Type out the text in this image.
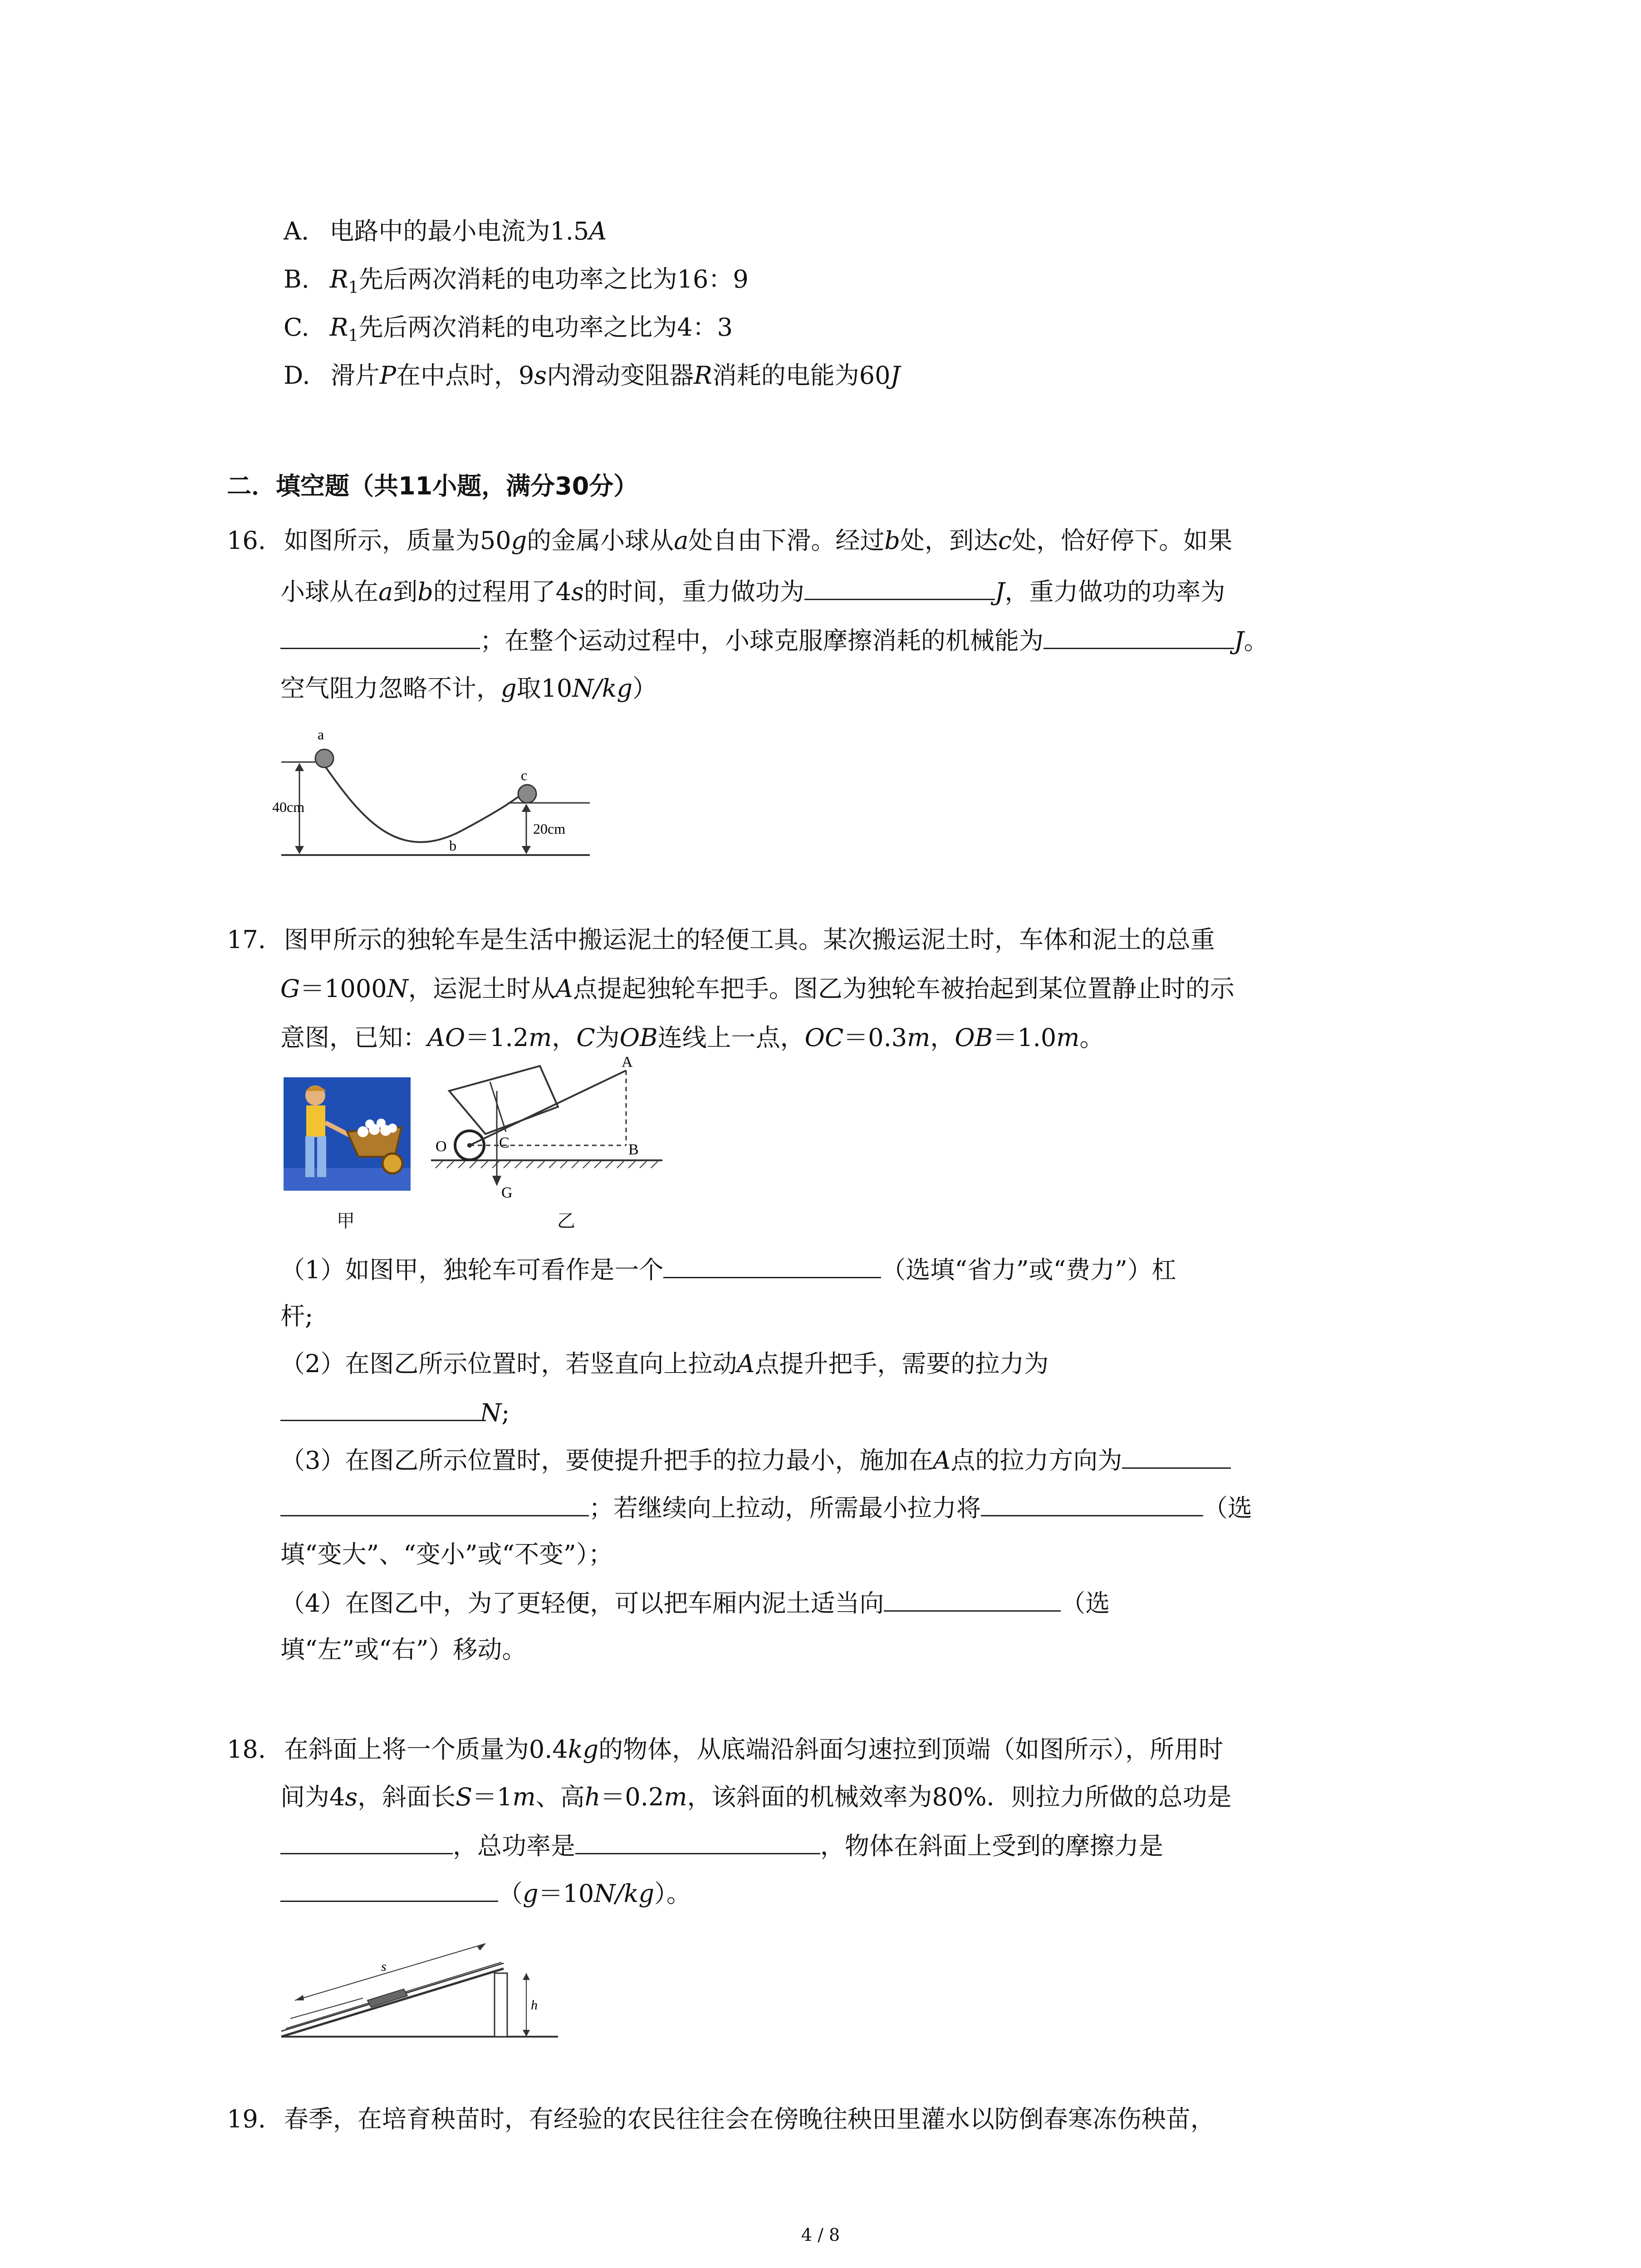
A. 电路中的最小电流为1.5A
B. $R_1$先后两次消耗的电功率之比为16：9
C. $R_1$先后两次消耗的电功率之比为4：3
D. 滑片P在中点时，9s内滑动变阻器R消耗的电能为60J
二．填空题（共11小题，满分30分）
16. 如图所示，质量为50g的金属小球从a处自由下滑。经过b处，到达c处，恰好停下。如果
小球从在a到b的过程用了4s的时间，重力做功为	J，重力做功的功率为
；在整个运动过程中，小球克服摩擦消耗的机械能为	J。
空气阻力忽略不计，g取10N/kg）
a
b
c
40cm
20cm
17. 图甲所示的独轮车是生活中搬运泥土的轻便工具。某次搬运泥土时，车体和泥土的总重
G＝1000N，运泥土时从A点提起独轮车把手。图乙为独轮车被抬起到某位置静止时的示
意图，已知：AO＝1.2m，C为OB连线上一点，OC＝0.3m，OB＝1.0m。
A
B
O	C
G
甲	乙
（1）如图甲，独轮车可看作是一个	（选填“省力”或“费力”）杠
杆;
（2）在图乙所示位置时，若竖直向上拉动A点提升把手，需要的拉力为
N;
（3）在图乙所示位置时，要使提升把手的拉力最小，施加在A点的拉力方向为
；若继续向上拉动，所需最小拉力将	（选
填“变大”、“变小”或“不变”）；
（4）在图乙中，为了更轻便，可以把车厢内泥土适当向	（选
填“左”或“右”）移动。
18. 在斜面上将一个质量为0.4kg的物体，从底端沿斜面匀速拉到顶端（如图所示），所用时
间为4s，斜面长S＝1m、高h＝0.2m，该斜面的机械效率为80%．则拉力所做的总功是
，总功率是	，物体在斜面上受到的摩擦力是
（g＝10N/kg）。
s
h
19. 春季，在培育秧苗时，有经验的农民往往会在傍晚往秧田里灌水以防倒春寒冻伤秧苗，
4 / 8
